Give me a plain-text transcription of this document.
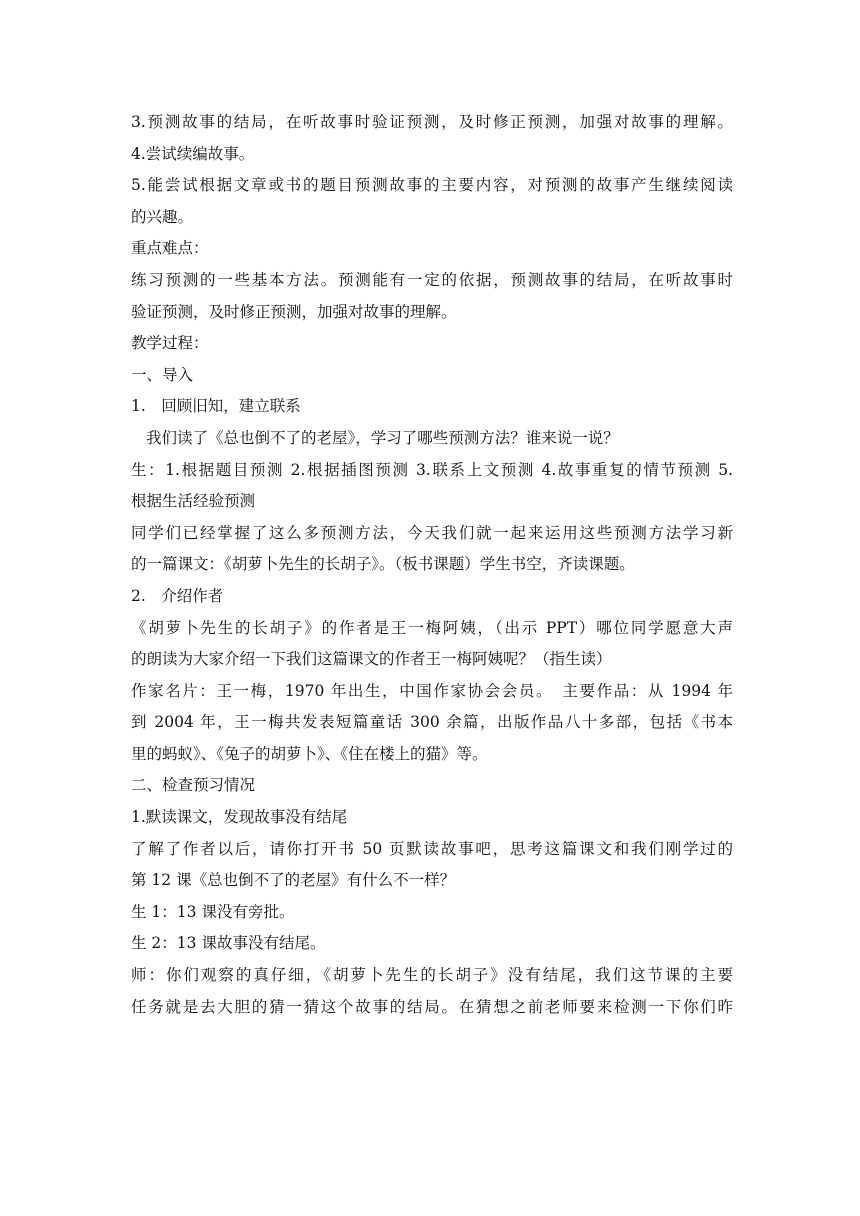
3.预测故事的结局，在听故事时验证预测，及时修正预测，加强对故事的理解。
4.尝试续编故事。
5.能尝试根据文章或书的题目预测故事的主要内容，对预测的故事产生继续阅读
的兴趣。
重点难点：
练习预测的一些基本方法。预测能有一定的依据，预测故事的结局，在听故事时
验证预测，及时修正预测，加强对故事的理解。
教学过程：
一、导入
1.　回顾旧知，建立联系
我们读了《总也倒不了的老屋》，学习了哪些预测方法？谁来说一说？
生：1.根据题目预测 2.根据插图预测 3.联系上文预测 4.故事重复的情节预测 5.
根据生活经验预测
同学们已经掌握了这么多预测方法，今天我们就一起来运用这些预测方法学习新
的一篇课文：《胡萝卜先生的长胡子》。（板书课题）学生书空，齐读课题。
2.　介绍作者
《胡萝卜先生的长胡子》的作者是王一梅阿姨，（出示 PPT）哪位同学愿意大声
的朗读为大家介绍一下我们这篇课文的作者王一梅阿姨呢？（指生读）
作家名片：王一梅，1970 年出生，中国作家协会会员。　主要作品：从 1994 年
到 2004 年，王一梅共发表短篇童话 300 余篇，出版作品八十多部，包括《书本
里的蚂蚁》、《兔子的胡萝卜》、《住在楼上的猫》等。
二、检查预习情况
1.默读课文，发现故事没有结尾
了解了作者以后，请你打开书 50 页默读故事吧，思考这篇课文和我们刚学过的
第 12 课《总也倒不了的老屋》有什么不一样？
生 1：13 课没有旁批。
生 2：13 课故事没有结尾。
师：你们观察的真仔细，《胡萝卜先生的长胡子》没有结尾，我们这节课的主要
任务就是去大胆的猜一猜这个故事的结局。在猜想之前老师要来检测一下你们昨
